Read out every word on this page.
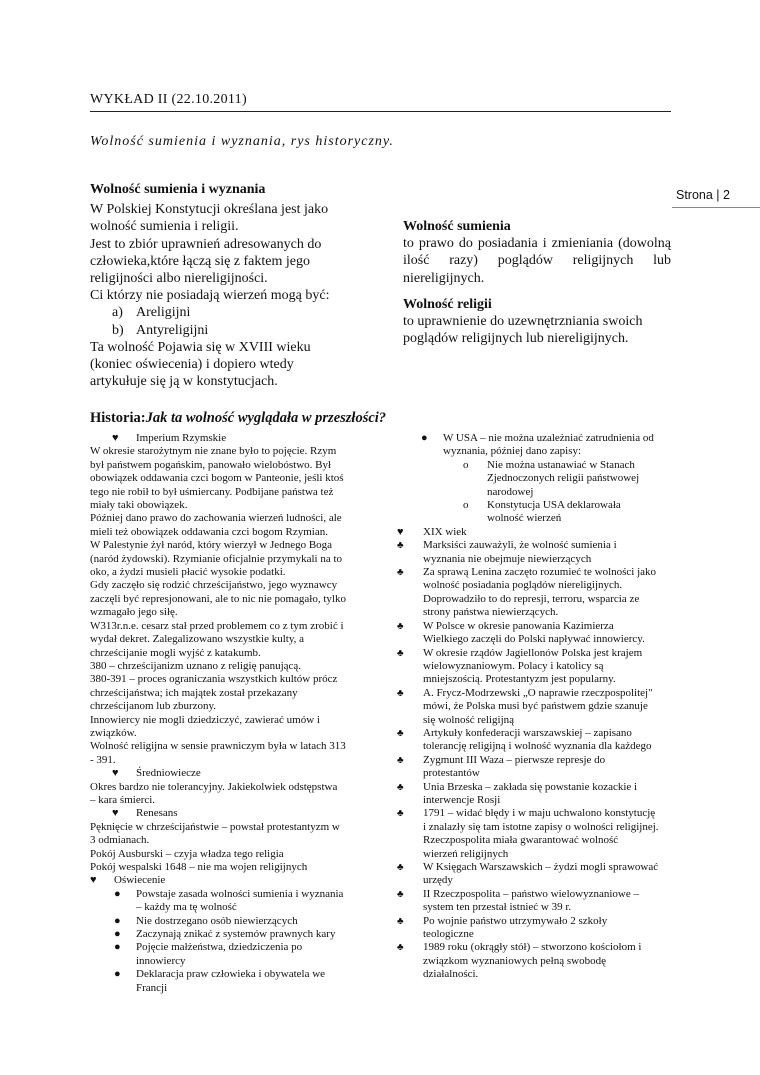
WYKŁAD II (22.10.2011)
Wolność sumienia i wyznania, rys historyczny.
Strona | 2
Wolność sumienia i wyznania
W Polskiej Konstytucji określana jest jako
wolność sumienia i religii.
Jest to zbiór uprawnień adresowanych do
człowieka,które łączą się z faktem jego
religijności albo niereligijności.
Ci którzy nie posiadają wierzeń mogą być:
a) Areligijni
b) Antyreligijni
Ta wolność Pojawia się w XVIII wieku
(koniec oświecenia) i dopiero wtedy
artykułuje się ją w konstytucjach.
Wolność sumienia
to prawo do posiadania i zmieniania (dowolną ilość razy) poglądów religijnych lub niereligijnych.
Wolność religii
to uprawnienie do uzewnętrzniania swoich poglądów religijnych lub niereligijnych.
Historia:Jak ta wolność wyglądała w przeszłości?
♥	Imperium Rzymskie
W okresie starożytnym nie znane było to pojęcie. Rzym
był państwem pogańskim, panowało wielobóstwo. Był
obowiązek oddawania czci bogom w Panteonie, jeśli ktoś
tego nie robił to był uśmiercany. Podbijane państwa też
miały taki obowiązek.
Później dano prawo do zachowania wierzeń ludności, ale
mieli też obowiązek oddawania czci bogom Rzymian.
W Palestynie żył naród, który wierzył w Jednego Boga
(naród żydowski). Rzymianie oficjalnie przymykali na to
oko, a żydzi musieli płacić wysokie podatki.
Gdy zaczęło się rodzić chrześcijaństwo, jego wyznawcy
zaczęli być represjonowani, ale to nic nie pomagało, tylko
wzmagało jego siłę.
W313r.n.e. cesarz stał przed problemem co z tym zrobić i
wydał dekret. Zalegalizowano wszystkie kulty, a
chrześcijanie mogli wyjść z katakumb.
380 – chrześcijanizm uznano z religię panującą.
380-391 – proces ograniczania wszystkich kultów prócz
chrześcijaństwa; ich majątek został przekazany
chrześcijanom lub zburzony.
Innowiercy nie mogli dziedziczyć, zawierać umów i
związków.
Wolność religijna w sensie prawniczym była w latach 313
- 391.
♥	Średniowiecze
Okres bardzo nie tolerancyjny. Jakiekolwiek odstępstwa
– kara śmierci.
♥	Renesans
Pęknięcie w chrześcijaństwie – powstał protestantyzm w
3 odmianach.
Pokój Ausburski – czyja władza tego religia
Pokój wespalski 1648 – nie ma wojen religijnych
♥	Oświecenie
●	Powstaje zasada wolności sumienia i wyznania
– każdy ma tę wolność
●	Nie dostrzegano osób niewierzących
●	Zaczynają znikać z systemów prawnych kary
●	Pojęcie małżeństwa, dziedziczenia po
innowiercy
●	Deklaracja praw człowieka i obywatela we
Francji
●	W USA – nie można uzależniać zatrudnienia od
wyznania, później dano zapisy:
o	Nie można ustanawiać w Stanach
Zjednoczonych religii państwowej
narodowej
o	Konstytucja USA deklarowała
wolność wierzeń
♥	XIX wiek
♣	Marksiści zauważyli, że wolność sumienia i
wyznania nie obejmuje niewierzących
♣	Za sprawą Lenina zaczęto rozumieć te wolności jako
wolność posiadania poglądów niereligijnych.
Doprowadziło to do represji, terroru, wsparcia ze
strony państwa niewierzących.
♣	W Polsce w okresie panowania Kazimierza
Wielkiego zaczęli do Polski napływać innowiercy.
♣	W okresie rządów Jagiellonów Polska jest krajem
wielowyznaniowym. Polacy i katolicy są
mniejszością. Protestantyzm jest popularny.
♣	A. Frycz-Modrzewski „O naprawie rzeczpospolitej"
mówi, że Polska musi być państwem gdzie szanuje
się wolność religijną
♣	Artykuły konfederacji warszawskiej – zapisano
tolerancję religijną i wolność wyznania dla każdego
♣	Zygmunt III Waza – pierwsze represje do
protestantów
♣	Unia Brzeska – zakłada się powstanie kozackie i
interwencje Rosji
♣	1791 – widać błędy i w maju uchwalono konstytucję
i znalazły się tam istotne zapisy o wolności religijnej.
Rzeczpospolita miała gwarantować wolność
wierzeń religijnych
♣	W Księgach Warszawskich – żydzi mogli sprawować
urzędy
♣	II Rzeczpospolita – państwo wielowyznaniowe –
system ten przestał istnieć w 39 r.
♣	Po wojnie państwo utrzymywało 2 szkoły
teologiczne
♣	1989 roku (okrągły stół) – stworzono kościołom i
związkom wyznaniowych pełną swobodę
działalności.
